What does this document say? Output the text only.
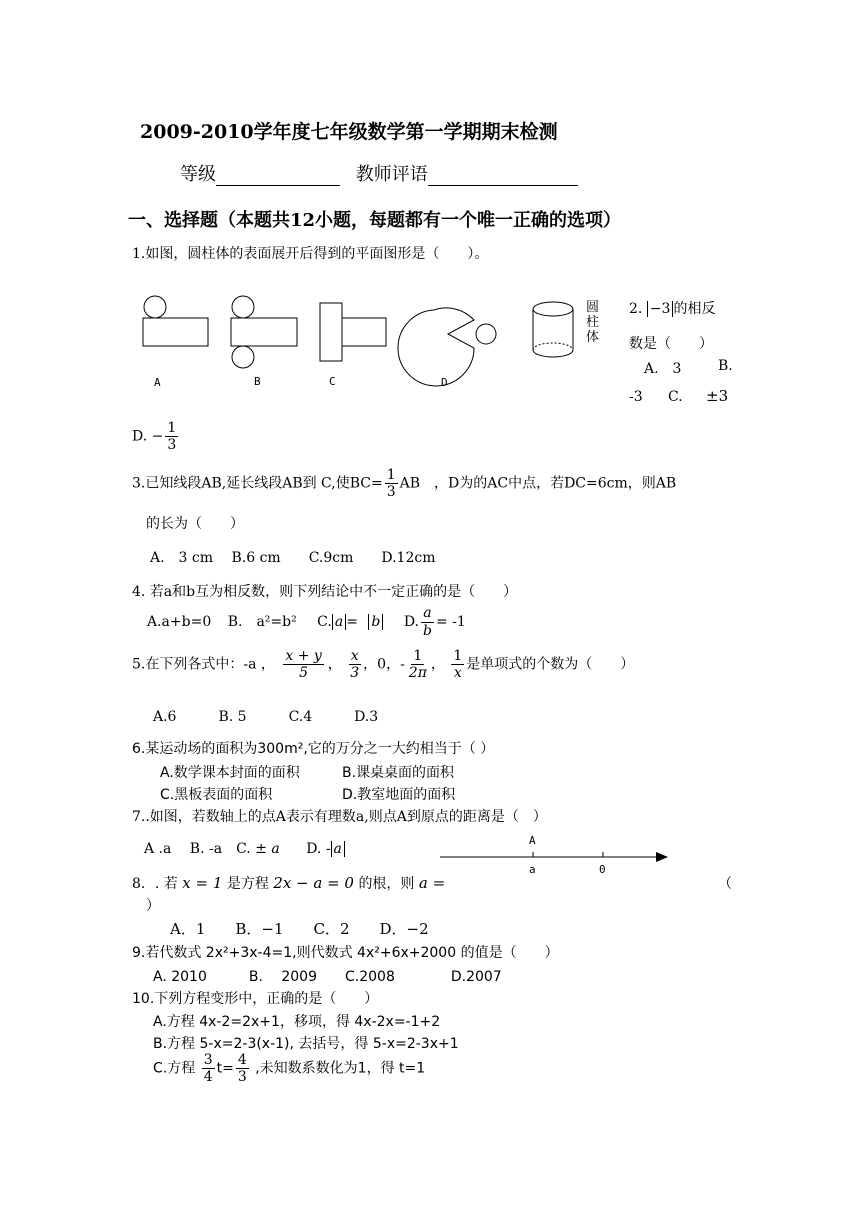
2009-2010学年度七年级数学第一学期期末检测
等级	教师评语
一、选择题（本题共12小题，每题都有一个唯一正确的选项）
1.如图，圆柱体的表面展开后得到的平面图形是（　　）。
A	B	C	D
圆柱体
2. −3 的相反
数是（　　）
A.　3	B.
-3 C. ±3
D. − $\frac{1}{3}$
3.已知线段AB,延长线段AB到 C,使$BC= \frac{1}{3}$ AB　，D为的AC中点，若DC=6cm，则AB
的长为（　　）
A.　3 cm　 B.6 cm　　C.9cm　　D.12cm
4. 若a和b互为相反数，则下列结论中不一定正确的是（　　）
A.a+b=0 B.　a²=b² C. a = b D. $\frac{a}{b} = -1$
5.在下列各式中：-a ， $\frac{x + y}{5}$ ， $\frac{x}{3}$ ，0，- $\frac{1}{2\pi}$ ， $\frac{1}{x}$ 是单项式的个数为（　　）
A.6　　　B. 5　　　C.4　　　D.3
6.某运动场的面积为300m²,它的万分之一大约相当于（ ）
A.数学课本封面的面积	B.课桌桌面的面积
C.黑板表面的面积	D.教室地面的面积
7..如图，若数轴上的点A表示有理数a,则点A到原点的距离是（　）
A .a　 B. -a　C. ± a D. - a
A
a	0
8．. 若 x = 1 是方程 2x − a = 0 的根，则 a =	（
）
A．1　　B．−1　　C．2　　D．−2
9.若代数式 2x²+3x-4=1,则代数式 4x²+6x+2000 的值是（　　）
A. 2010　　　B.　 2009　　C.2008　　　　D.2007
10.下列方程变形中，正确的是（　　）
A.方程 4x-2=2x+1，移项，得 4x-2x=-1+2
B.方程 5-x=2-3(x-1), 去括号，得 5-x=2-3x+1
C.方程 $\frac{3}{4} t= \frac{4}{3}$ ,未知数系数化为1，得 t=1
